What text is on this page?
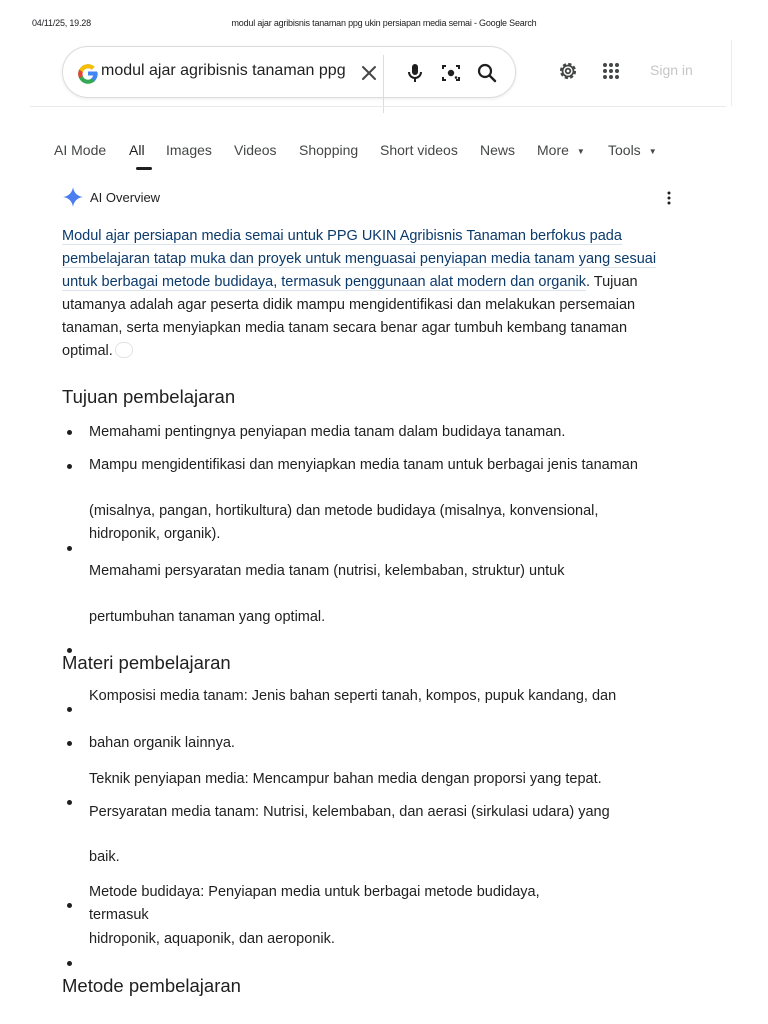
04/11/25, 19.28	modul ajar agribisnis tanaman ppg ukin persiapan media semai - Google Search
modul ajar agribisnis tanaman ppg	Sign in
AI Mode All Images Videos Shopping Short videos News More ▼ Tools ▼
AI Overview
Modul ajar persiapan media semai untuk PPG UKIN Agribisnis Tanaman berfokus pada pembelajaran tatap muka dan proyek untuk menguasai penyiapan media tanam yang sesuai untuk berbagai metode budidaya, termasuk penggunaan alat modern dan organik. Tujuan utamanya adalah agar peserta didik mampu mengidentifikasi dan melakukan persemaian tanaman, serta menyiapkan media tanam secara benar agar tumbuh kembang tanaman optimal.
Tujuan pembelajaran
Memahami pentingnya penyiapan media tanam dalam budidaya tanaman.
Mampu mengidentifikasi dan menyiapkan media tanam untuk berbagai jenis tanaman
(misalnya, pangan, hortikultura) dan metode budidaya (misalnya, konvensional, hidroponik, organik).
Memahami persyaratan media tanam (nutrisi, kelembaban, struktur) untuk
pertumbuhan tanaman yang optimal.
Materi pembelajaran
Komposisi media tanam: Jenis bahan seperti tanah, kompos, pupuk kandang, dan
bahan organik lainnya.
Teknik penyiapan media: Mencampur bahan media dengan proporsi yang tepat.
Persyaratan media tanam: Nutrisi, kelembaban, dan aerasi (sirkulasi udara) yang
baik.
Metode budidaya: Penyiapan media untuk berbagai metode budidaya, termasuk
hidroponik, aquaponik, dan aeroponik.
Metode pembelajaran
